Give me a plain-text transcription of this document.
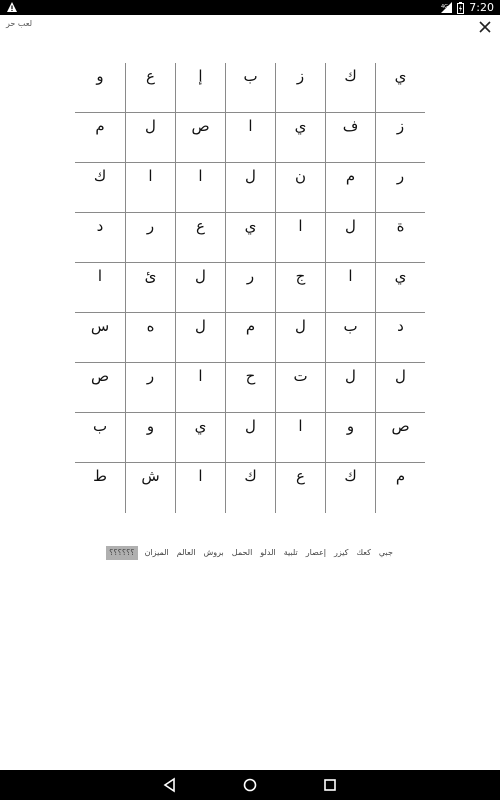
4G 7:20
لعب حر
ي
ك
ز
ب
إ
ع
و
ز
ف
ي
ا
ص
ل
م
ر
م
ن
ل
ا
ا
ك
ة
ل
ا
ي
ع
ر
د
ي
ا
ج
ر
ل
ئ
ا
د
ب
ل
م
ل
ه
س
ل
ل
ت
ح
ا
ر
ص
ص
و
ا
ل
ي
و
ب
م
ك
ع
ك
ا
ش
ط
جبي
كعك
كيزر
إعصار
تلبية
الدلو
الحمل
بروش
العالم
الميزان
؟؟؟؟؟؟
